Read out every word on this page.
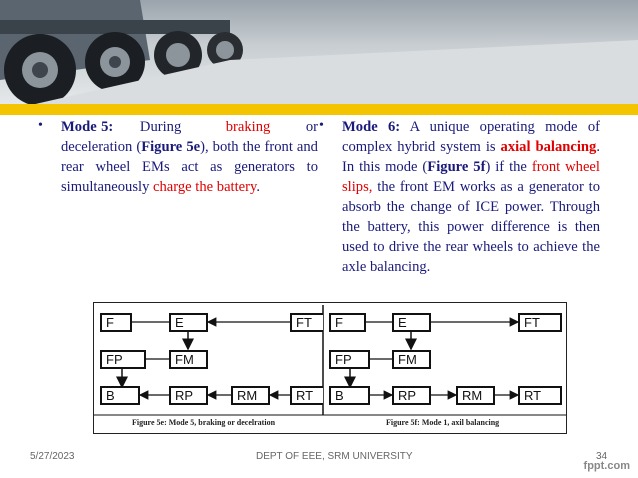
• Mode 5: During	braking or deceleration (Figure 5e), both the front and rear wheel EMs act as generators to simultaneously charge the battery.
• Mode 6: A unique operating mode of complex hybrid system is axial balancing. In this mode (Figure 5f) if the front wheel slips, the front EM works as a generator to absorb the change of ICE power. Through the battery, this power difference is then used to drive the rear wheels to achieve the axle balancing.
F	E	FT
FP	FM
B	RP	RM	RT
F	E	FT
FP	FM
B	RP	RM	RT
Figure 5e: Mode 5, braking or decelration	Figure 5f: Mode 1, axil balancing
5/27/2023	DEPT OF EEE, SRM UNIVERSITY	34
fppt.com
